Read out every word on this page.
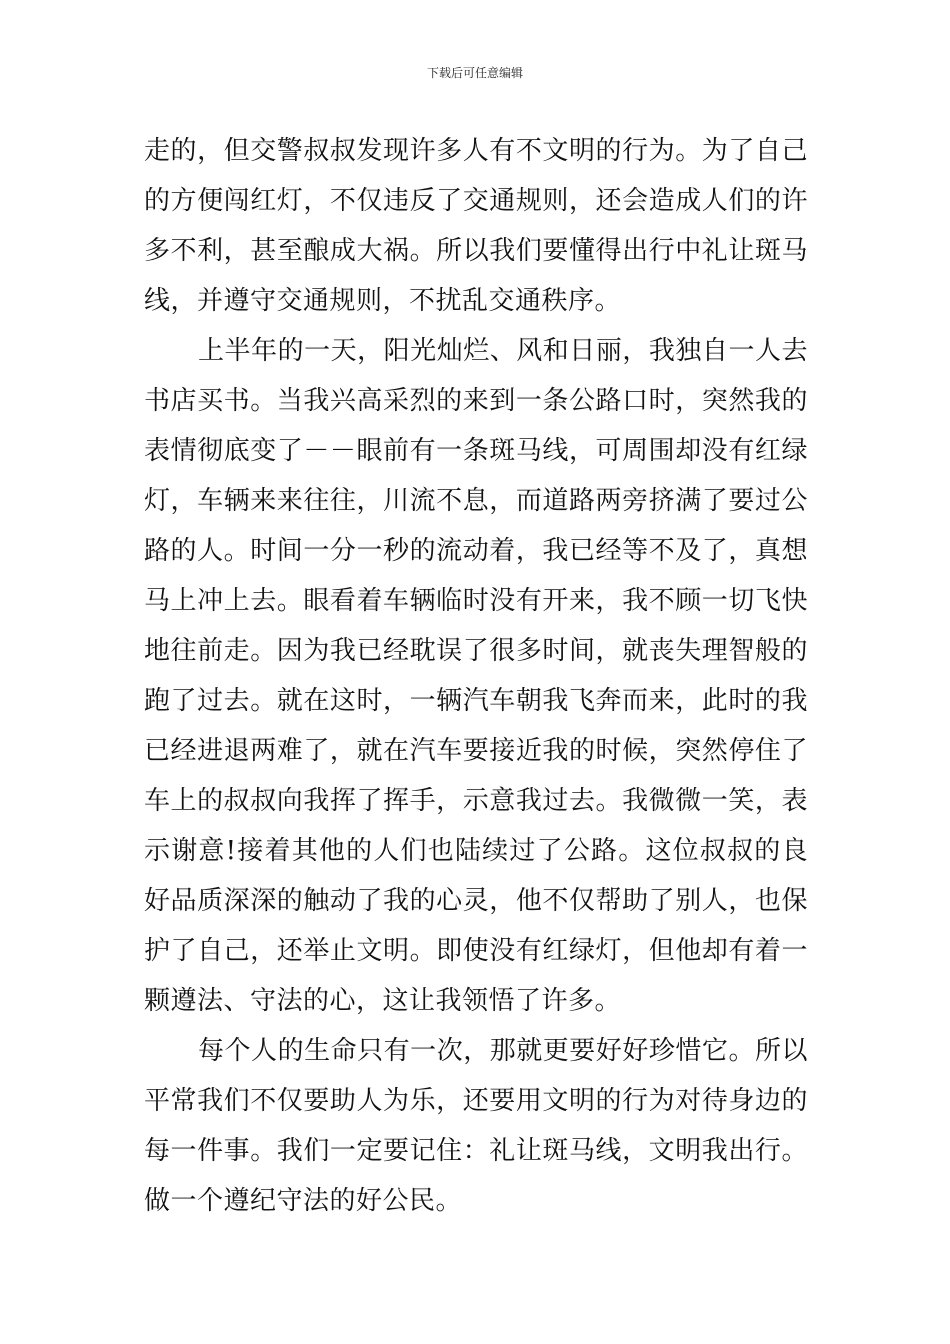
下载后可任意编辑

走的，但交警叔叔发现许多人有不文明的行为。为了自己的方便闯红灯，不仅违反了交通规则，还会造成人们的许多不利，甚至酿成大祸。所以我们要懂得出行中礼让斑马线，并遵守交通规则，不扰乱交通秩序。

上半年的一天，阳光灿烂、风和日丽，我独自一人去书店买书。当我兴高采烈的来到一条公路口时，突然我的表情彻底变了－－眼前有一条斑马线，可周围却没有红绿灯，车辆来来往往，川流不息，而道路两旁挤满了要过公路的人。时间一分一秒的流动着，我已经等不及了，真想马上冲上去。眼看着车辆临时没有开来，我不顾一切飞快地往前走。因为我已经耽误了很多时间，就丧失理智般的跑了过去。就在这时，一辆汽车朝我飞奔而来，此时的我已经进退两难了，就在汽车要接近我的时候，突然停住了车上的叔叔向我挥了挥手，示意我过去。我微微一笑，表示谢意!接着其他的人们也陆续过了公路。这位叔叔的良好品质深深的触动了我的心灵，他不仅帮助了别人，也保护了自己，还举止文明。即使没有红绿灯，但他却有着一颗遵法、守法的心，这让我领悟了许多。

每个人的生命只有一次，那就更要好好珍惜它。所以平常我们不仅要助人为乐，还要用文明的行为对待身边的每一件事。我们一定要记住：礼让斑马线，文明我出行。做一个遵纪守法的好公民。
